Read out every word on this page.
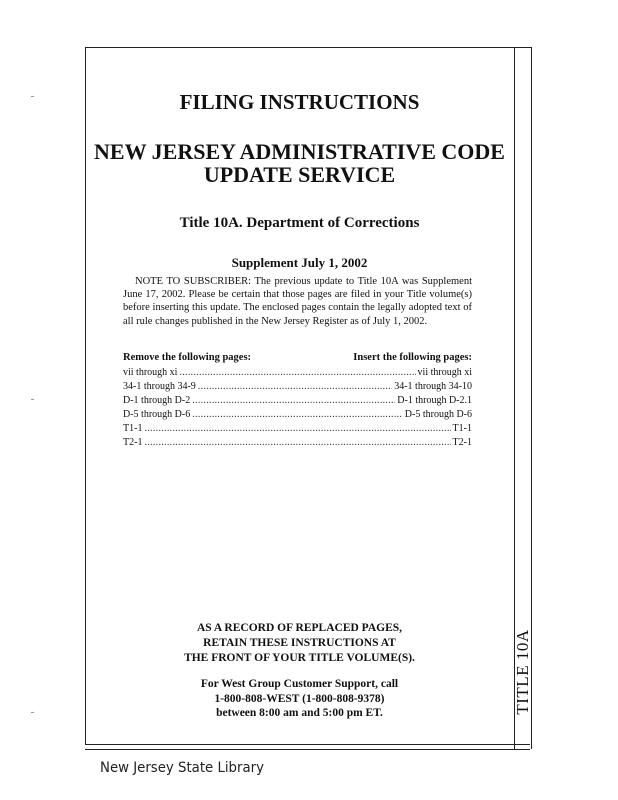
TITLE 10A
FILING INSTRUCTIONS
NEW JERSEY ADMINISTRATIVE CODE
UPDATE SERVICE
Title 10A. Department of Corrections
Supplement July 1, 2002

NOTE TO SUBSCRIBER: The previous update to Title 10A was Supplement June 17, 2002. Please be certain that those pages are filed in your Title volume(s) before inserting this update. The enclosed pages contain the legally adopted text of all rule changes published in the New Jersey Register as of July 1, 2002.

Remove the following pages:	Insert the following pages:
vii through xi .....	vii through xi
34-1 through 34-9 .....	34-1 through 34-10
D-1 through D-2 .....	D-1 through D-2.1
D-5 through D-6 .....	D-5 through D-6
T1-1 .....	T1-1
T2-1 .....	T2-1
AS A RECORD OF REPLACED PAGES,
RETAIN THESE INSTRUCTIONS AT
THE FRONT OF YOUR TITLE VOLUME(S).
For West Group Customer Support, call
1-800-808-WEST (1-800-808-9378)
between 8:00 am and 5:00 pm ET.
New Jersey State Library
⁃
⁃
⁃
